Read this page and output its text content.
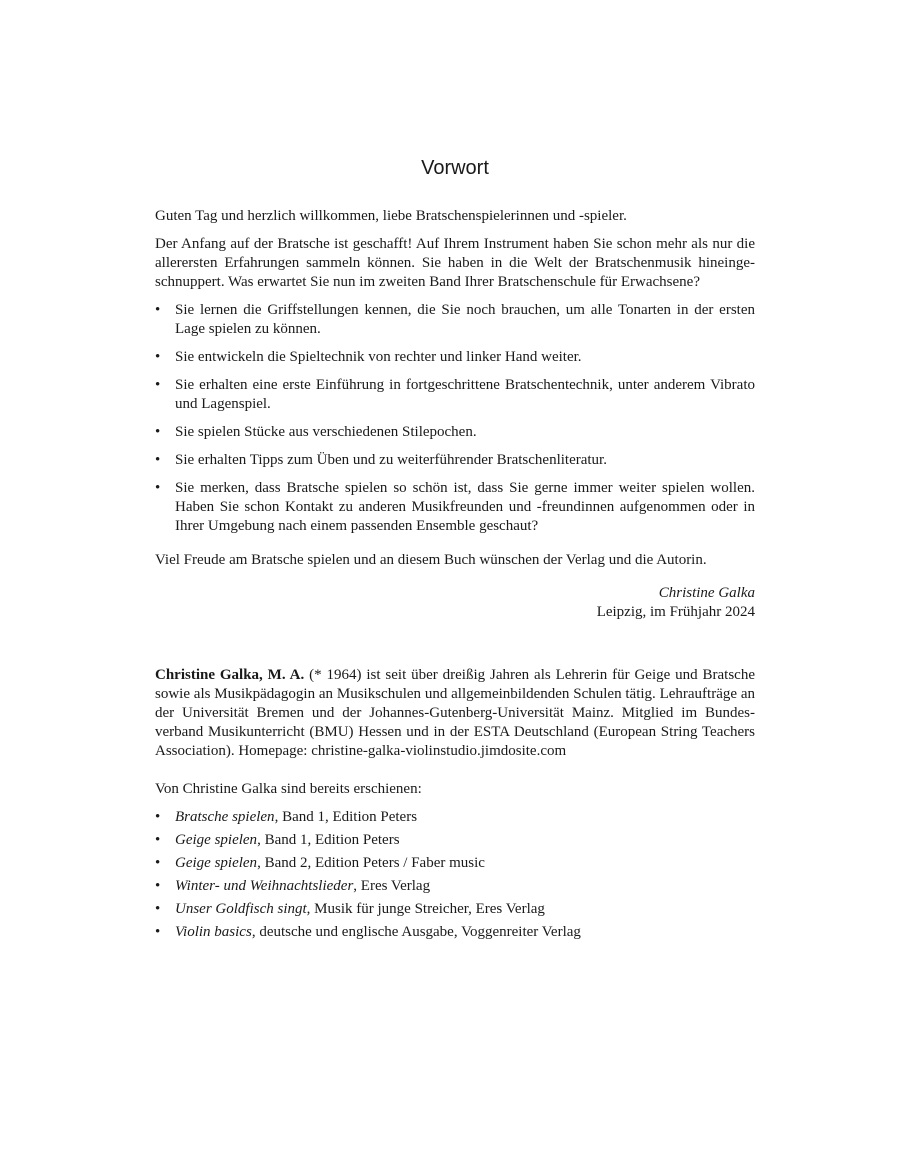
Vorwort

Guten Tag und herzlich willkommen, liebe Bratschenspielerinnen und -spieler.

Der Anfang auf der Bratsche ist geschafft! Auf Ihrem Instrument haben Sie schon mehr als nur die allerersten Erfahrungen sammeln können. Sie haben in die Welt der Bratschenmusik hineingeschnuppert. Was erwartet Sie nun im zweiten Band Ihrer Bratschenschule für Erwachsene?

• Sie lernen die Griffstellungen kennen, die Sie noch brauchen, um alle Tonarten in der ersten Lage spielen zu können.
• Sie entwickeln die Spieltechnik von rechter und linker Hand weiter.
• Sie erhalten eine erste Einführung in fortgeschrittene Bratschentechnik, unter anderem Vibrato und Lagenspiel.
• Sie spielen Stücke aus verschiedenen Stilepochen.
• Sie erhalten Tipps zum Üben und zu weiterführender Bratschenliteratur.
• Sie merken, dass Bratsche spielen so schön ist, dass Sie gerne immer weiter spielen wollen. Haben Sie schon Kontakt zu anderen Musikfreunden und -freundinnen aufgenommen oder in Ihrer Umgebung nach einem passenden Ensemble geschaut?

Viel Freude am Bratsche spielen und an diesem Buch wünschen der Verlag und die Autorin.

Christine Galka
Leipzig, im Frühjahr 2024

Christine Galka, M. A. (* 1964) ist seit über dreißig Jahren als Lehrerin für Geige und Bratsche sowie als Musikpädagogin an Musikschulen und allgemeinbildenden Schulen tätig. Lehraufträge an der Universität Bremen und der Johannes-Gutenberg-Universität Mainz. Mitglied im Bundesverband Musikunterricht (BMU) Hessen und in der ESTA Deutschland (European String Teachers Association). Homepage: christine-galka-violinstudio.jimdosite.com

Von Christine Galka sind bereits erschienen:

• Bratsche spielen, Band 1, Edition Peters
• Geige spielen, Band 1, Edition Peters
• Geige spielen, Band 2, Edition Peters / Faber music
• Winter- und Weihnachtslieder, Eres Verlag
• Unser Goldfisch singt, Musik für junge Streicher, Eres Verlag
• Violin basics, deutsche und englische Ausgabe, Voggenreiter Verlag
